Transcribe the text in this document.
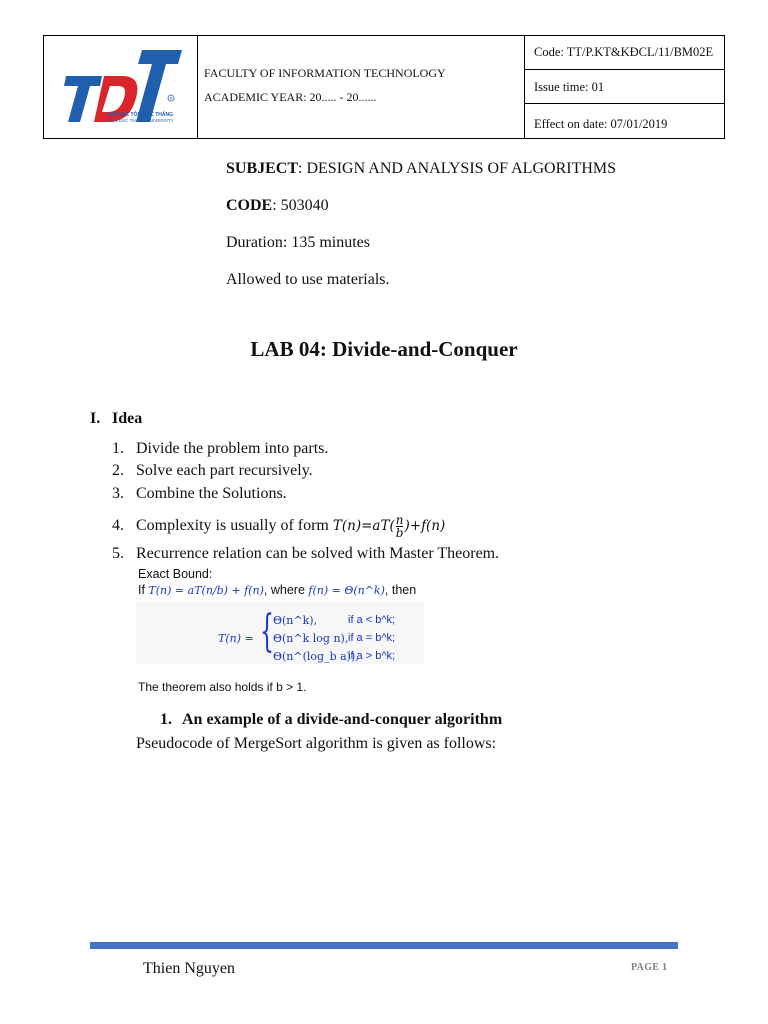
R
ĐẠI HỌC TÔN ĐỨC THẮNG
TON DUC THANG UNIVERSITY
FACULTY OF INFORMATION TECHNOLOGY
ACADEMIC YEAR: 20..... - 20......
Code: TT/P.KT&KĐCL/11/BM02E
Issue time: 01
Effect on date: 07/01/2019
SUBJECT: DESIGN AND ANALYSIS OF ALGORITHMS
CODE: 503040
Duration: 135 minutes
Allowed to use materials.
LAB 04: Divide-and-Conquer
I. Idea
1. Divide the problem into parts.
2. Solve each part recursively.
3. Combine the Solutions.
4. Complexity is usually of form $T(n)=aT(\frac{n}{b} )+f(n)$
5. Recurrence relation can be solved with Master Theorem.
Exact Bound:
If T(n) = aT(n/b) + f(n), where f(n) = Θ(n^k), then
T(n) = { Θ(n^k),	if a < b^k;
Θ(n^k log n), if a = b^k;
Θ(n^(log_b a)),
if a > b^k;
The theorem also holds if b > 1.
1. An example of a divide-and-conquer algorithm
Pseudocode of MergeSort algorithm is given as follows:
Thien Nguyen	PAGE 1
